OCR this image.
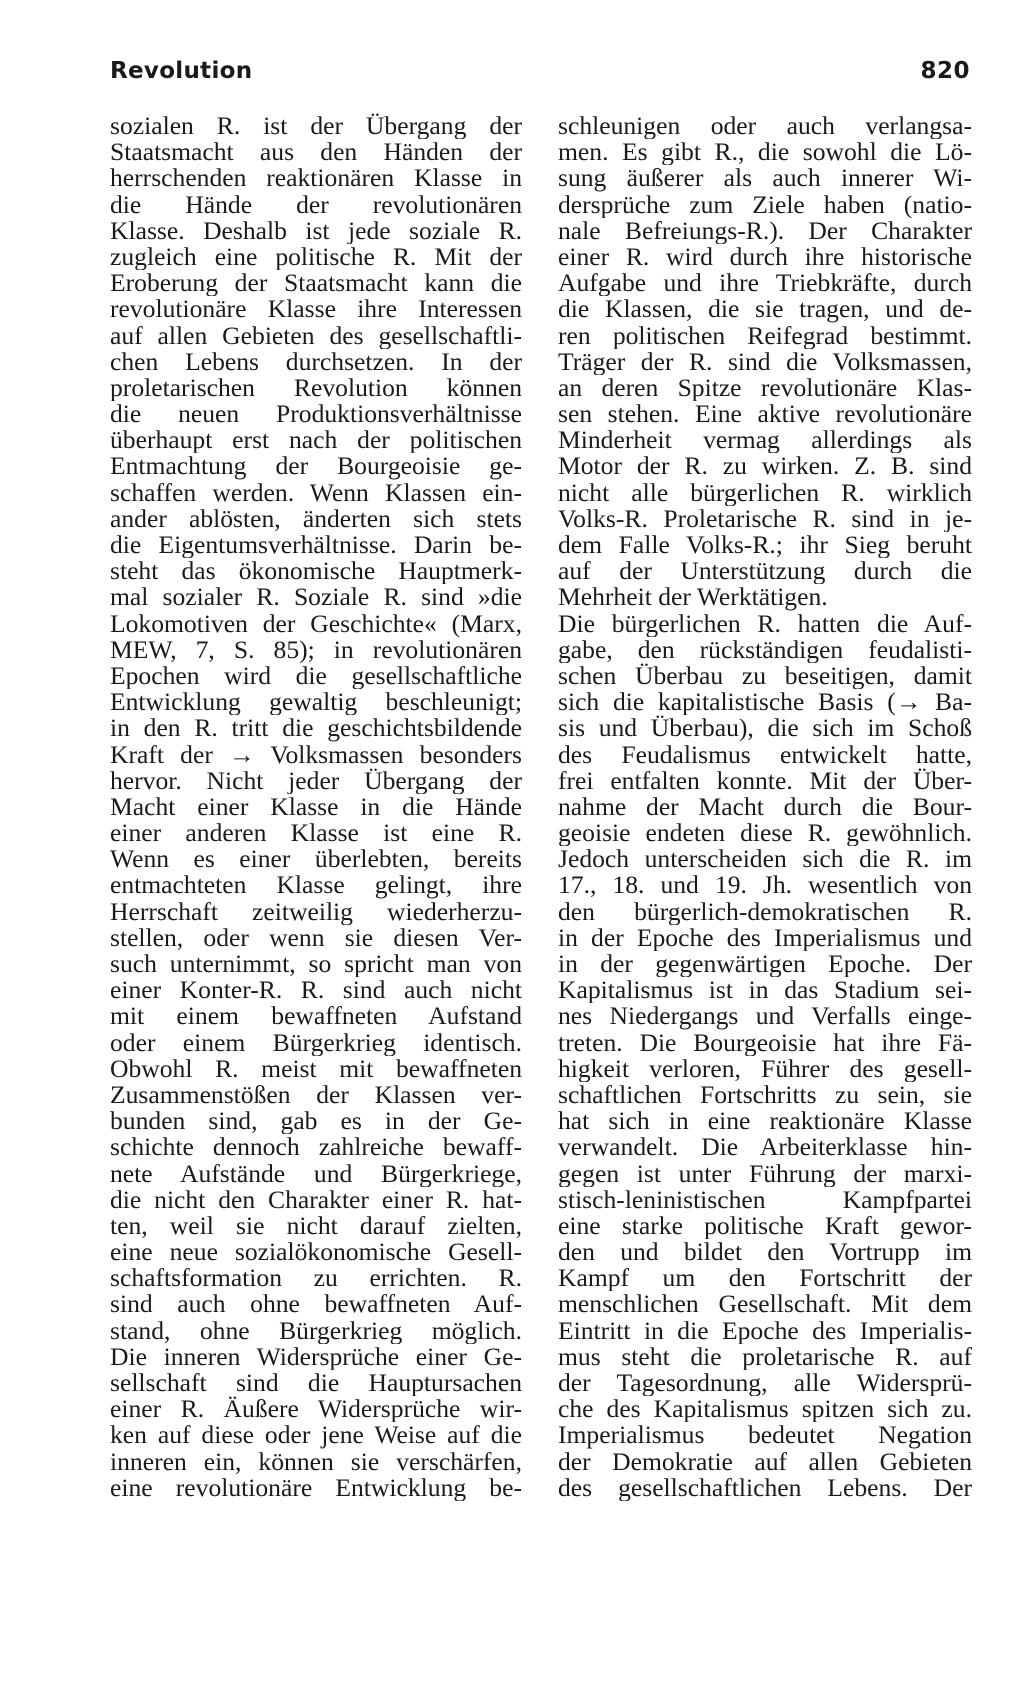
Revolution	820
sozialen R. ist der Übergang der
Staatsmacht aus den Händen der
herrschenden reaktionären Klasse in
die Hände der revolutionären
Klasse. Deshalb ist jede soziale R.
zugleich eine politische R. Mit der
Eroberung der Staatsmacht kann die
revolutionäre Klasse ihre Interessen
auf allen Gebieten des gesellschaftli-
chen Lebens durchsetzen. In der
proletarischen Revolution können
die neuen Produktionsverhältnisse
überhaupt erst nach der politischen
Entmachtung der Bourgeoisie ge-
schaffen werden. Wenn Klassen ein-
ander ablösten, änderten sich stets
die Eigentumsverhältnisse. Darin be-
steht das ökonomische Hauptmerk-
mal sozialer R. Soziale R. sind »die
Lokomotiven der Geschichte« (Marx,
MEW, 7, S. 85); in revolutionären
Epochen wird die gesellschaftliche
Entwicklung gewaltig beschleunigt;
in den R. tritt die geschichtsbildende
Kraft der → Volksmassen besonders
hervor. Nicht jeder Übergang der
Macht einer Klasse in die Hände
einer anderen Klasse ist eine R.
Wenn es einer überlebten, bereits
entmachteten Klasse gelingt, ihre
Herrschaft zeitweilig wiederherzu-
stellen, oder wenn sie diesen Ver-
such unternimmt, so spricht man von
einer Konter-R. R. sind auch nicht
mit einem bewaffneten Aufstand
oder einem Bürgerkrieg identisch.
Obwohl R. meist mit bewaffneten
Zusammenstößen der Klassen ver-
bunden sind, gab es in der Ge-
schichte dennoch zahlreiche bewaff-
nete Aufstände und Bürgerkriege,
die nicht den Charakter einer R. hat-
ten, weil sie nicht darauf zielten,
eine neue sozialökonomische Gesell-
schaftsformation zu errichten. R.
sind auch ohne bewaffneten Auf-
stand, ohne Bürgerkrieg möglich.
Die inneren Widersprüche einer Ge-
sellschaft sind die Hauptursachen
einer R. Äußere Widersprüche wir-
ken auf diese oder jene Weise auf die
inneren ein, können sie verschärfen,
eine revolutionäre Entwicklung be-
schleunigen oder auch verlangsa-
men. Es gibt R., die sowohl die Lö-
sung äußerer als auch innerer Wi-
dersprüche zum Ziele haben (natio-
nale Befreiungs-R.). Der Charakter
einer R. wird durch ihre historische
Aufgabe und ihre Triebkräfte, durch
die Klassen, die sie tragen, und de-
ren politischen Reifegrad bestimmt.
Träger der R. sind die Volksmassen,
an deren Spitze revolutionäre Klas-
sen stehen. Eine aktive revolutionäre
Minderheit vermag allerdings als
Motor der R. zu wirken. Z. B. sind
nicht alle bürgerlichen R. wirklich
Volks-R. Proletarische R. sind in je-
dem Falle Volks-R.; ihr Sieg beruht
auf der Unterstützung durch die
Mehrheit der Werktätigen.
Die bürgerlichen R. hatten die Auf-
gabe, den rückständigen feudalisti-
schen Überbau zu beseitigen, damit
sich die kapitalistische Basis (→ Ba-
sis und Überbau), die sich im Schoß
des Feudalismus entwickelt hatte,
frei entfalten konnte. Mit der Über-
nahme der Macht durch die Bour-
geoisie endeten diese R. gewöhnlich.
Jedoch unterscheiden sich die R. im
17., 18. und 19. Jh. wesentlich von
den bürgerlich-demokratischen R.
in der Epoche des Imperialismus und
in der gegenwärtigen Epoche. Der
Kapitalismus ist in das Stadium sei-
nes Niedergangs und Verfalls einge-
treten. Die Bourgeoisie hat ihre Fä-
higkeit verloren, Führer des gesell-
schaftlichen Fortschritts zu sein, sie
hat sich in eine reaktionäre Klasse
verwandelt. Die Arbeiterklasse hin-
gegen ist unter Führung der marxi-
stisch-leninistischen Kampfpartei
eine starke politische Kraft gewor-
den und bildet den Vortrupp im
Kampf um den Fortschritt der
menschlichen Gesellschaft. Mit dem
Eintritt in die Epoche des Imperialis-
mus steht die proletarische R. auf
der Tagesordnung, alle Widersprü-
che des Kapitalismus spitzen sich zu.
Imperialismus bedeutet Negation
der Demokratie auf allen Gebieten
des gesellschaftlichen Lebens. Der
